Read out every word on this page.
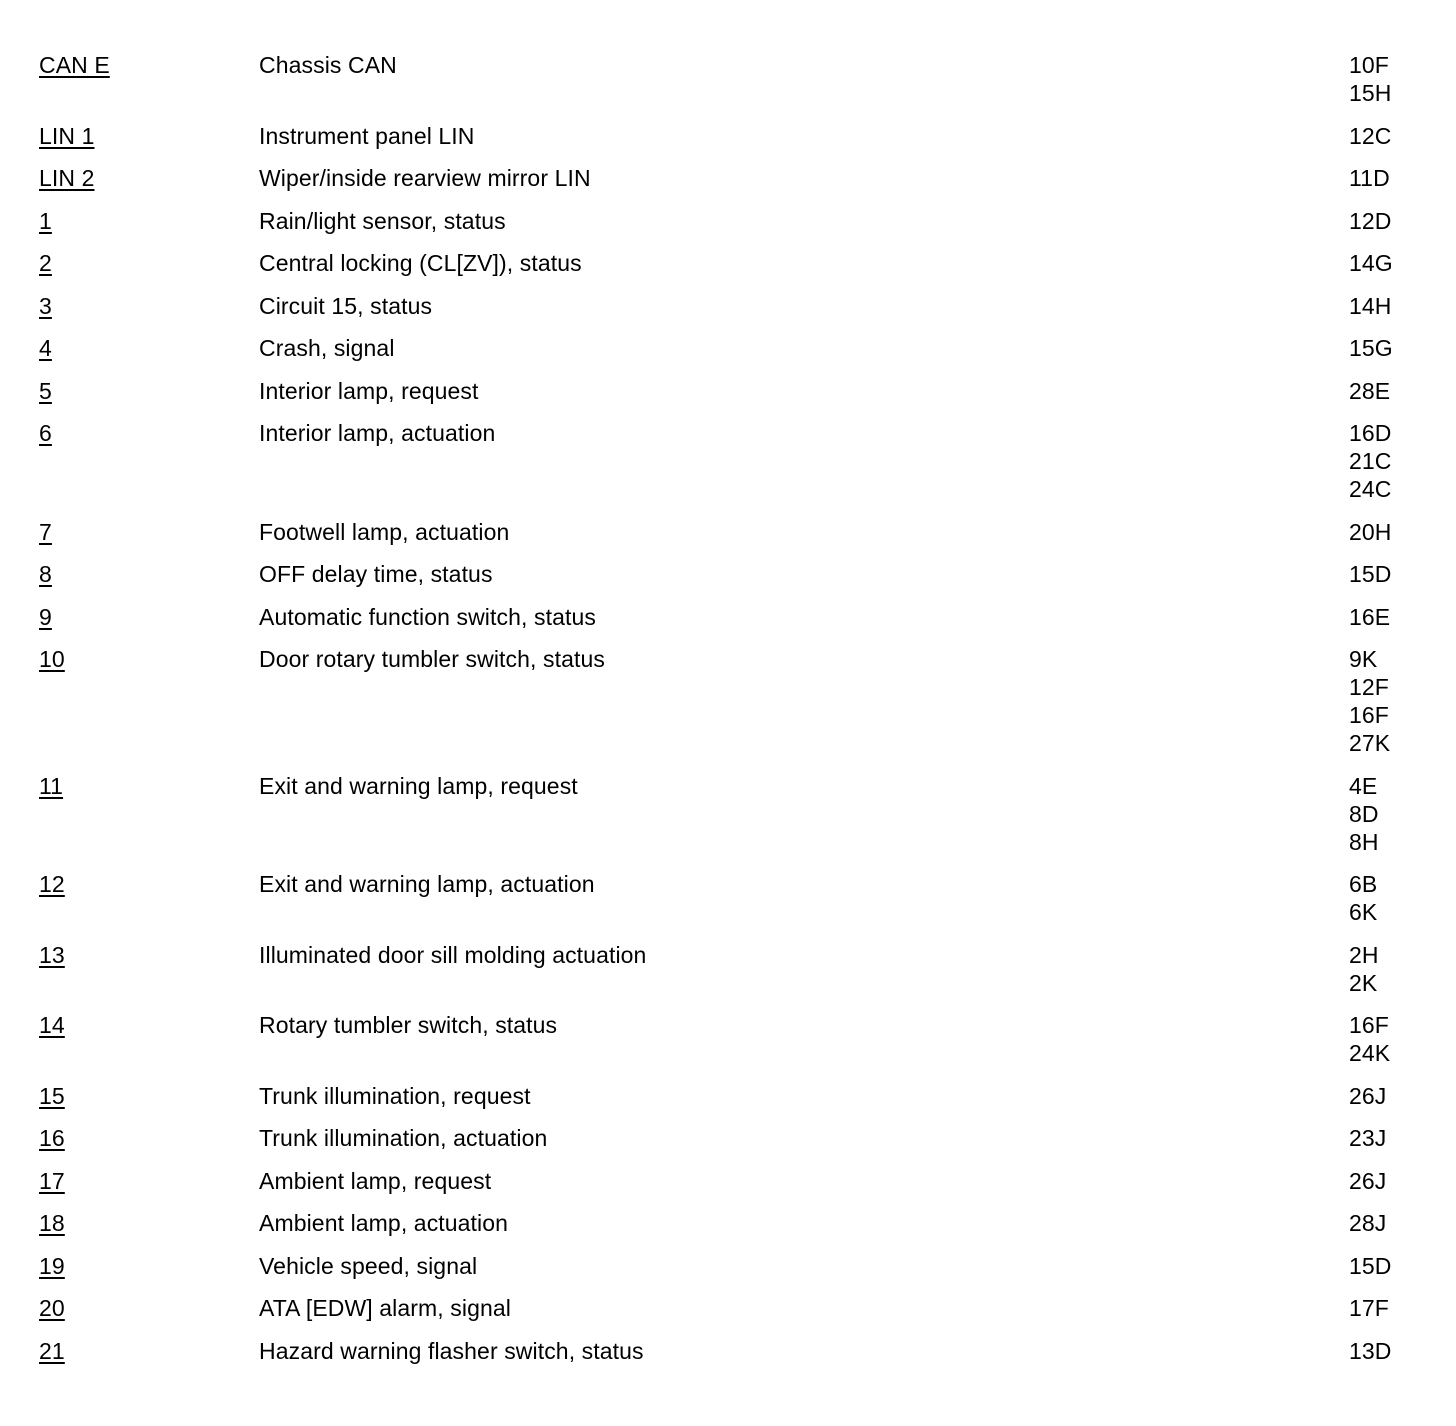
CAN E	Chassis CAN	10F
15H
LIN 1	Instrument panel LIN	12C
LIN 2	Wiper/inside rearview mirror LIN	11D
1	Rain/light sensor, status	12D
2	Central locking (CL[ZV]), status	14G
3	Circuit 15, status	14H
4	Crash, signal	15G
5	Interior lamp, request	28E
6	Interior lamp, actuation	16D
21C
24C
7	Footwell lamp, actuation	20H
8	OFF delay time, status	15D
9	Automatic function switch, status	16E
10	Door rotary tumbler switch, status	9K
12F
16F
27K
11	Exit and warning lamp, request	4E
8D
8H
12	Exit and warning lamp, actuation	6B
6K
13	Illuminated door sill molding actuation	2H
2K
14	Rotary tumbler switch, status	16F
24K
15	Trunk illumination, request	26J
16	Trunk illumination, actuation	23J
17	Ambient lamp, request	26J
18	Ambient lamp, actuation	28J
19	Vehicle speed, signal	15D
20	ATA [EDW] alarm, signal	17F
21	Hazard warning flasher switch, status	13D
